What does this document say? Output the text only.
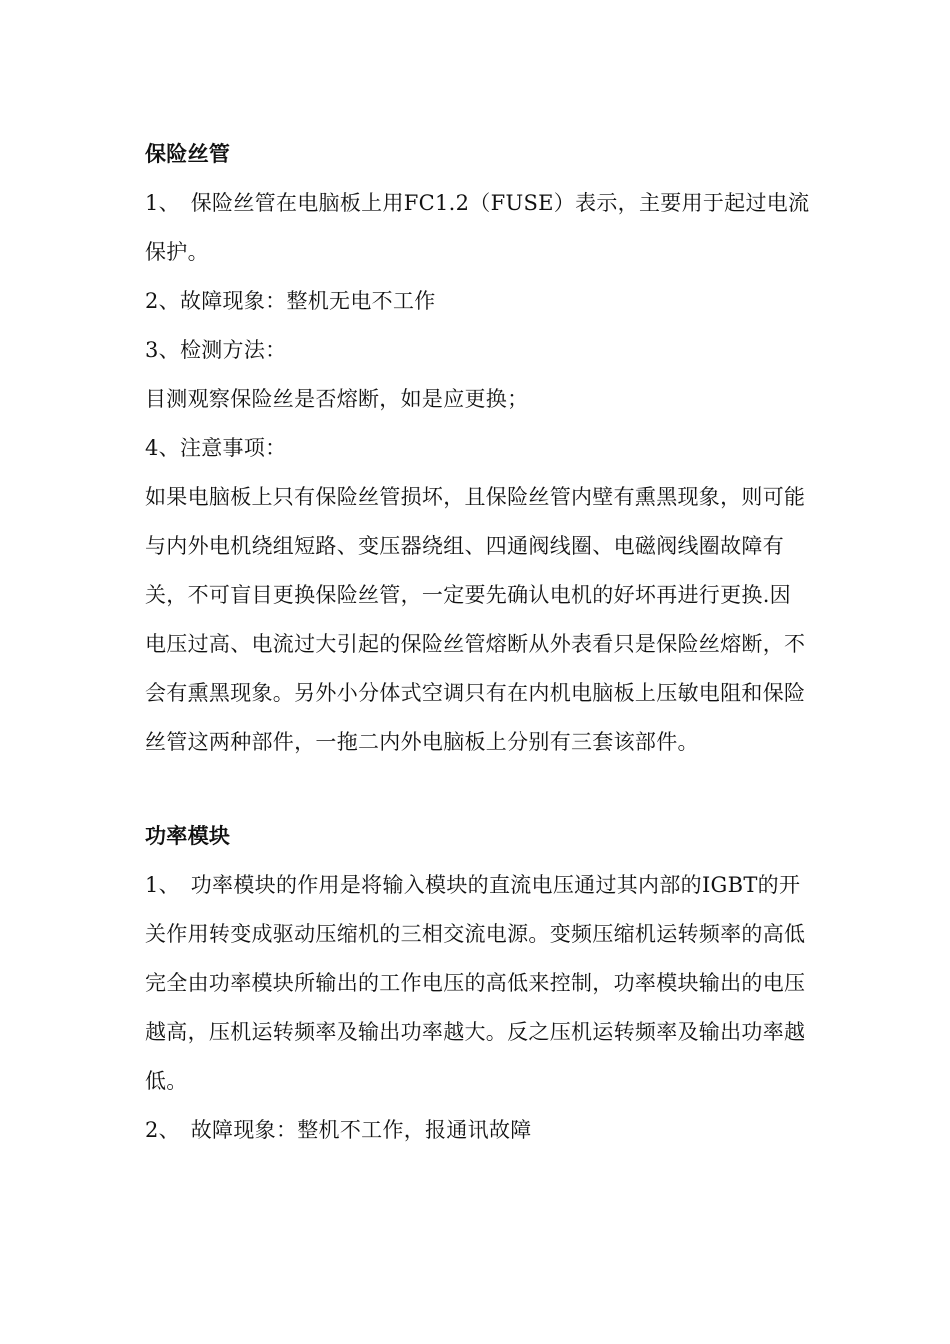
保险丝管

1、　保险丝管在电脑板上用FC1.2（FUSE）表示，主要用于起过电流保护。

2、故障现象：整机无电不工作

3、检测方法：

目测观察保险丝是否熔断，如是应更换；

4、注意事项：

如果电脑板上只有保险丝管损坏，且保险丝管内壁有熏黑现象，则可能与内外电机绕组短路、变压器绕组、四通阀线圈、电磁阀线圈故障有关，不可盲目更换保险丝管，一定要先确认电机的好坏再进行更换.因电压过高、电流过大引起的保险丝管熔断从外表看只是保险丝熔断，不会有熏黑现象。另外小分体式空调只有在内机电脑板上压敏电阻和保险丝管这两种部件，一拖二内外电脑板上分别有三套该部件。

功率模块

1、　功率模块的作用是将输入模块的直流电压通过其内部的IGBT的开关作用转变成驱动压缩机的三相交流电源。变频压缩机运转频率的高低完全由功率模块所输出的工作电压的高低来控制，功率模块输出的电压越高，压机运转频率及输出功率越大。反之压机运转频率及输出功率越低。

2、　故障现象：整机不工作，报通讯故障
